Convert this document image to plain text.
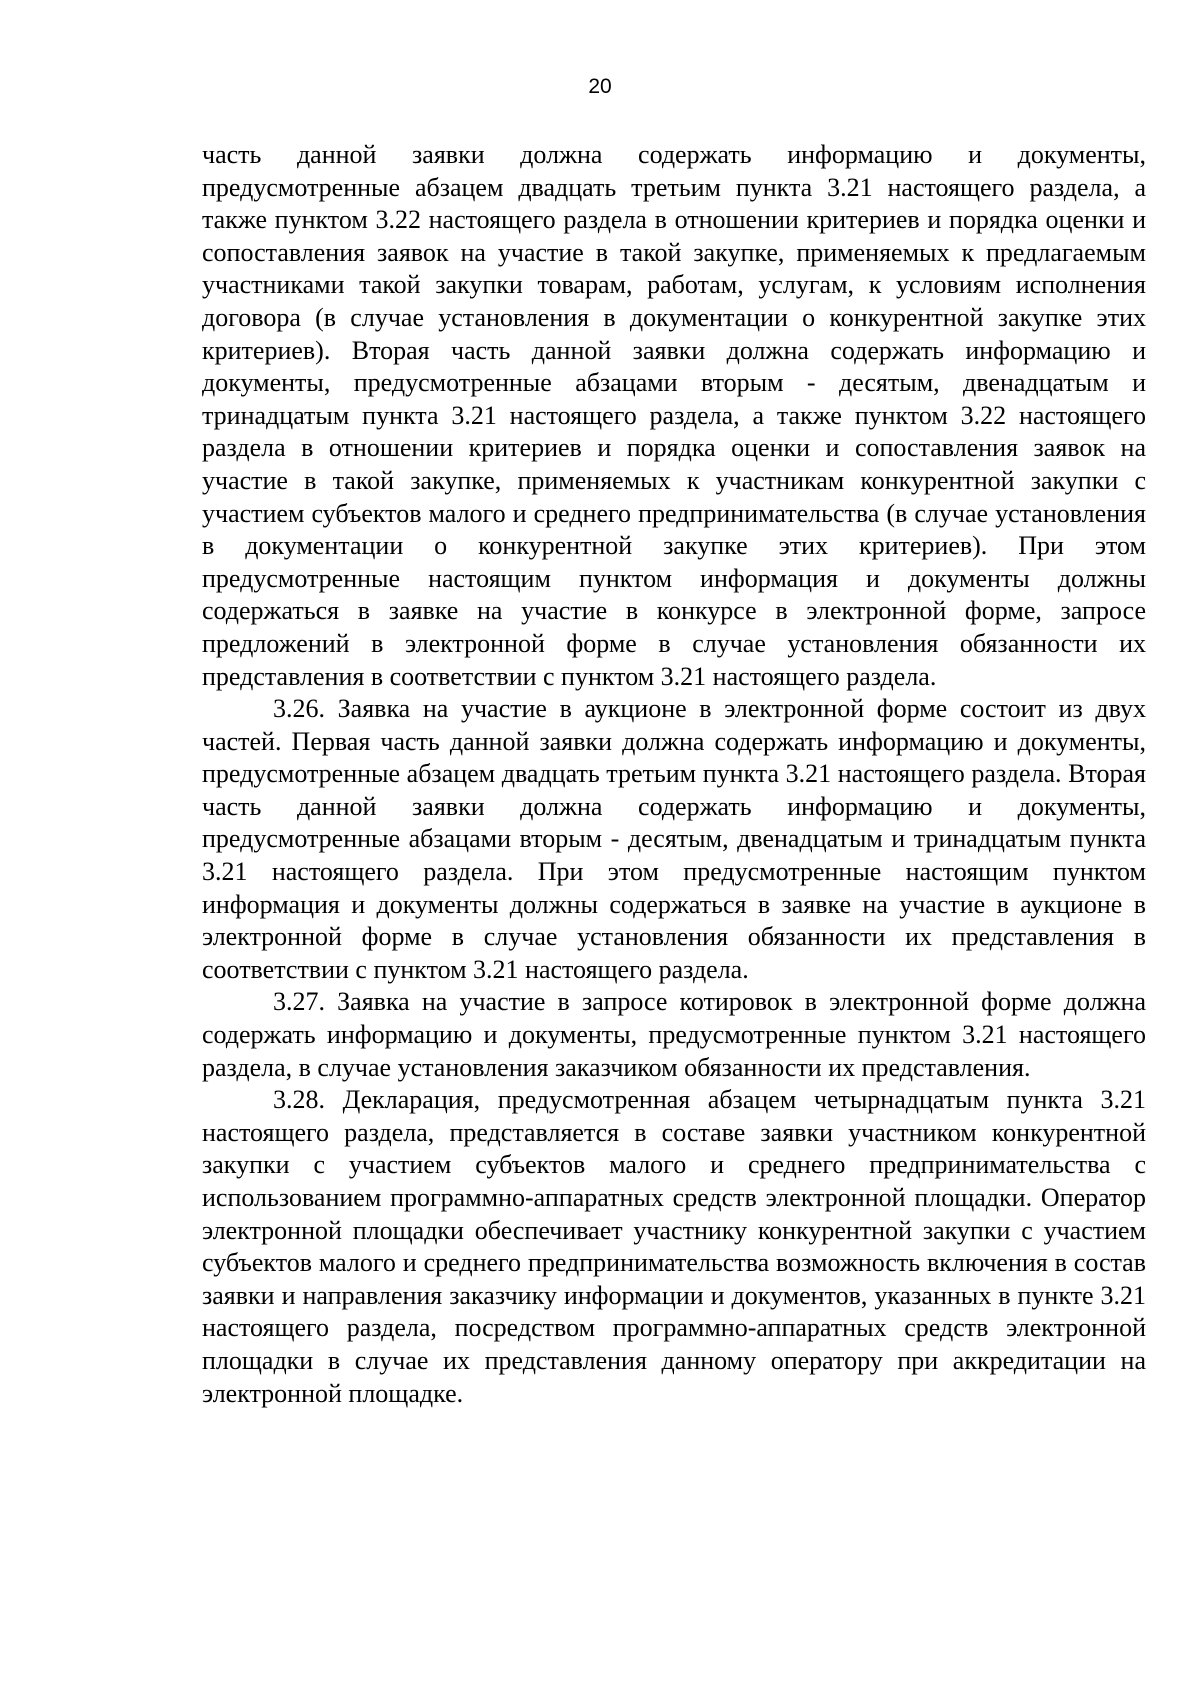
20

часть данной заявки должна содержать информацию и документы, предусмотренные абзацем двадцать третьим пункта 3.21 настоящего раздела, а также пунктом 3.22 настоящего раздела в отношении критериев и порядка оценки и сопоставления заявок на участие в такой закупке, применяемых к предлагаемым участниками такой закупки товарам, работам, услугам, к условиям исполнения договора (в случае установления в документации о конкурентной закупке этих критериев). Вторая часть данной заявки должна содержать информацию и документы, предусмотренные абзацами вторым - десятым, двенадцатым и тринадцатым пункта 3.21 настоящего раздела, а также пунктом 3.22 настоящего раздела в отношении критериев и порядка оценки и сопоставления заявок на участие в такой закупке, применяемых к участникам конкурентной закупки с участием субъектов малого и среднего предпринимательства (в случае установления в документации о конкурентной закупке этих критериев). При этом предусмотренные настоящим пунктом информация и документы должны содержаться в заявке на участие в конкурсе в электронной форме, запросе предложений в электронной форме в случае установления обязанности их представления в соответствии с пунктом 3.21 настоящего раздела.

3.26. Заявка на участие в аукционе в электронной форме состоит из двух частей. Первая часть данной заявки должна содержать информацию и документы, предусмотренные абзацем двадцать третьим пункта 3.21 настоящего раздела. Вторая часть данной заявки должна содержать информацию и документы, предусмотренные абзацами вторым - десятым, двенадцатым и тринадцатым пункта 3.21 настоящего раздела. При этом предусмотренные настоящим пунктом информация и документы должны содержаться в заявке на участие в аукционе в электронной форме в случае установления обязанности их представления в соответствии с пунктом 3.21 настоящего раздела.

3.27. Заявка на участие в запросе котировок в электронной форме должна содержать информацию и документы, предусмотренные пунктом 3.21 настоящего раздела, в случае установления заказчиком обязанности их представления.

3.28. Декларация, предусмотренная абзацем четырнадцатым пункта 3.21 настоящего раздела, представляется в составе заявки участником конкурентной закупки с участием субъектов малого и среднего предпринимательства с использованием программно-аппаратных средств электронной площадки. Оператор электронной площадки обеспечивает участнику конкурентной закупки с участием субъектов малого и среднего предпринимательства возможность включения в состав заявки и направления заказчику информации и документов, указанных в пункте 3.21 настоящего раздела, посредством программно-аппаратных средств электронной площадки в случае их представления данному оператору при аккредитации на электронной площадке.
